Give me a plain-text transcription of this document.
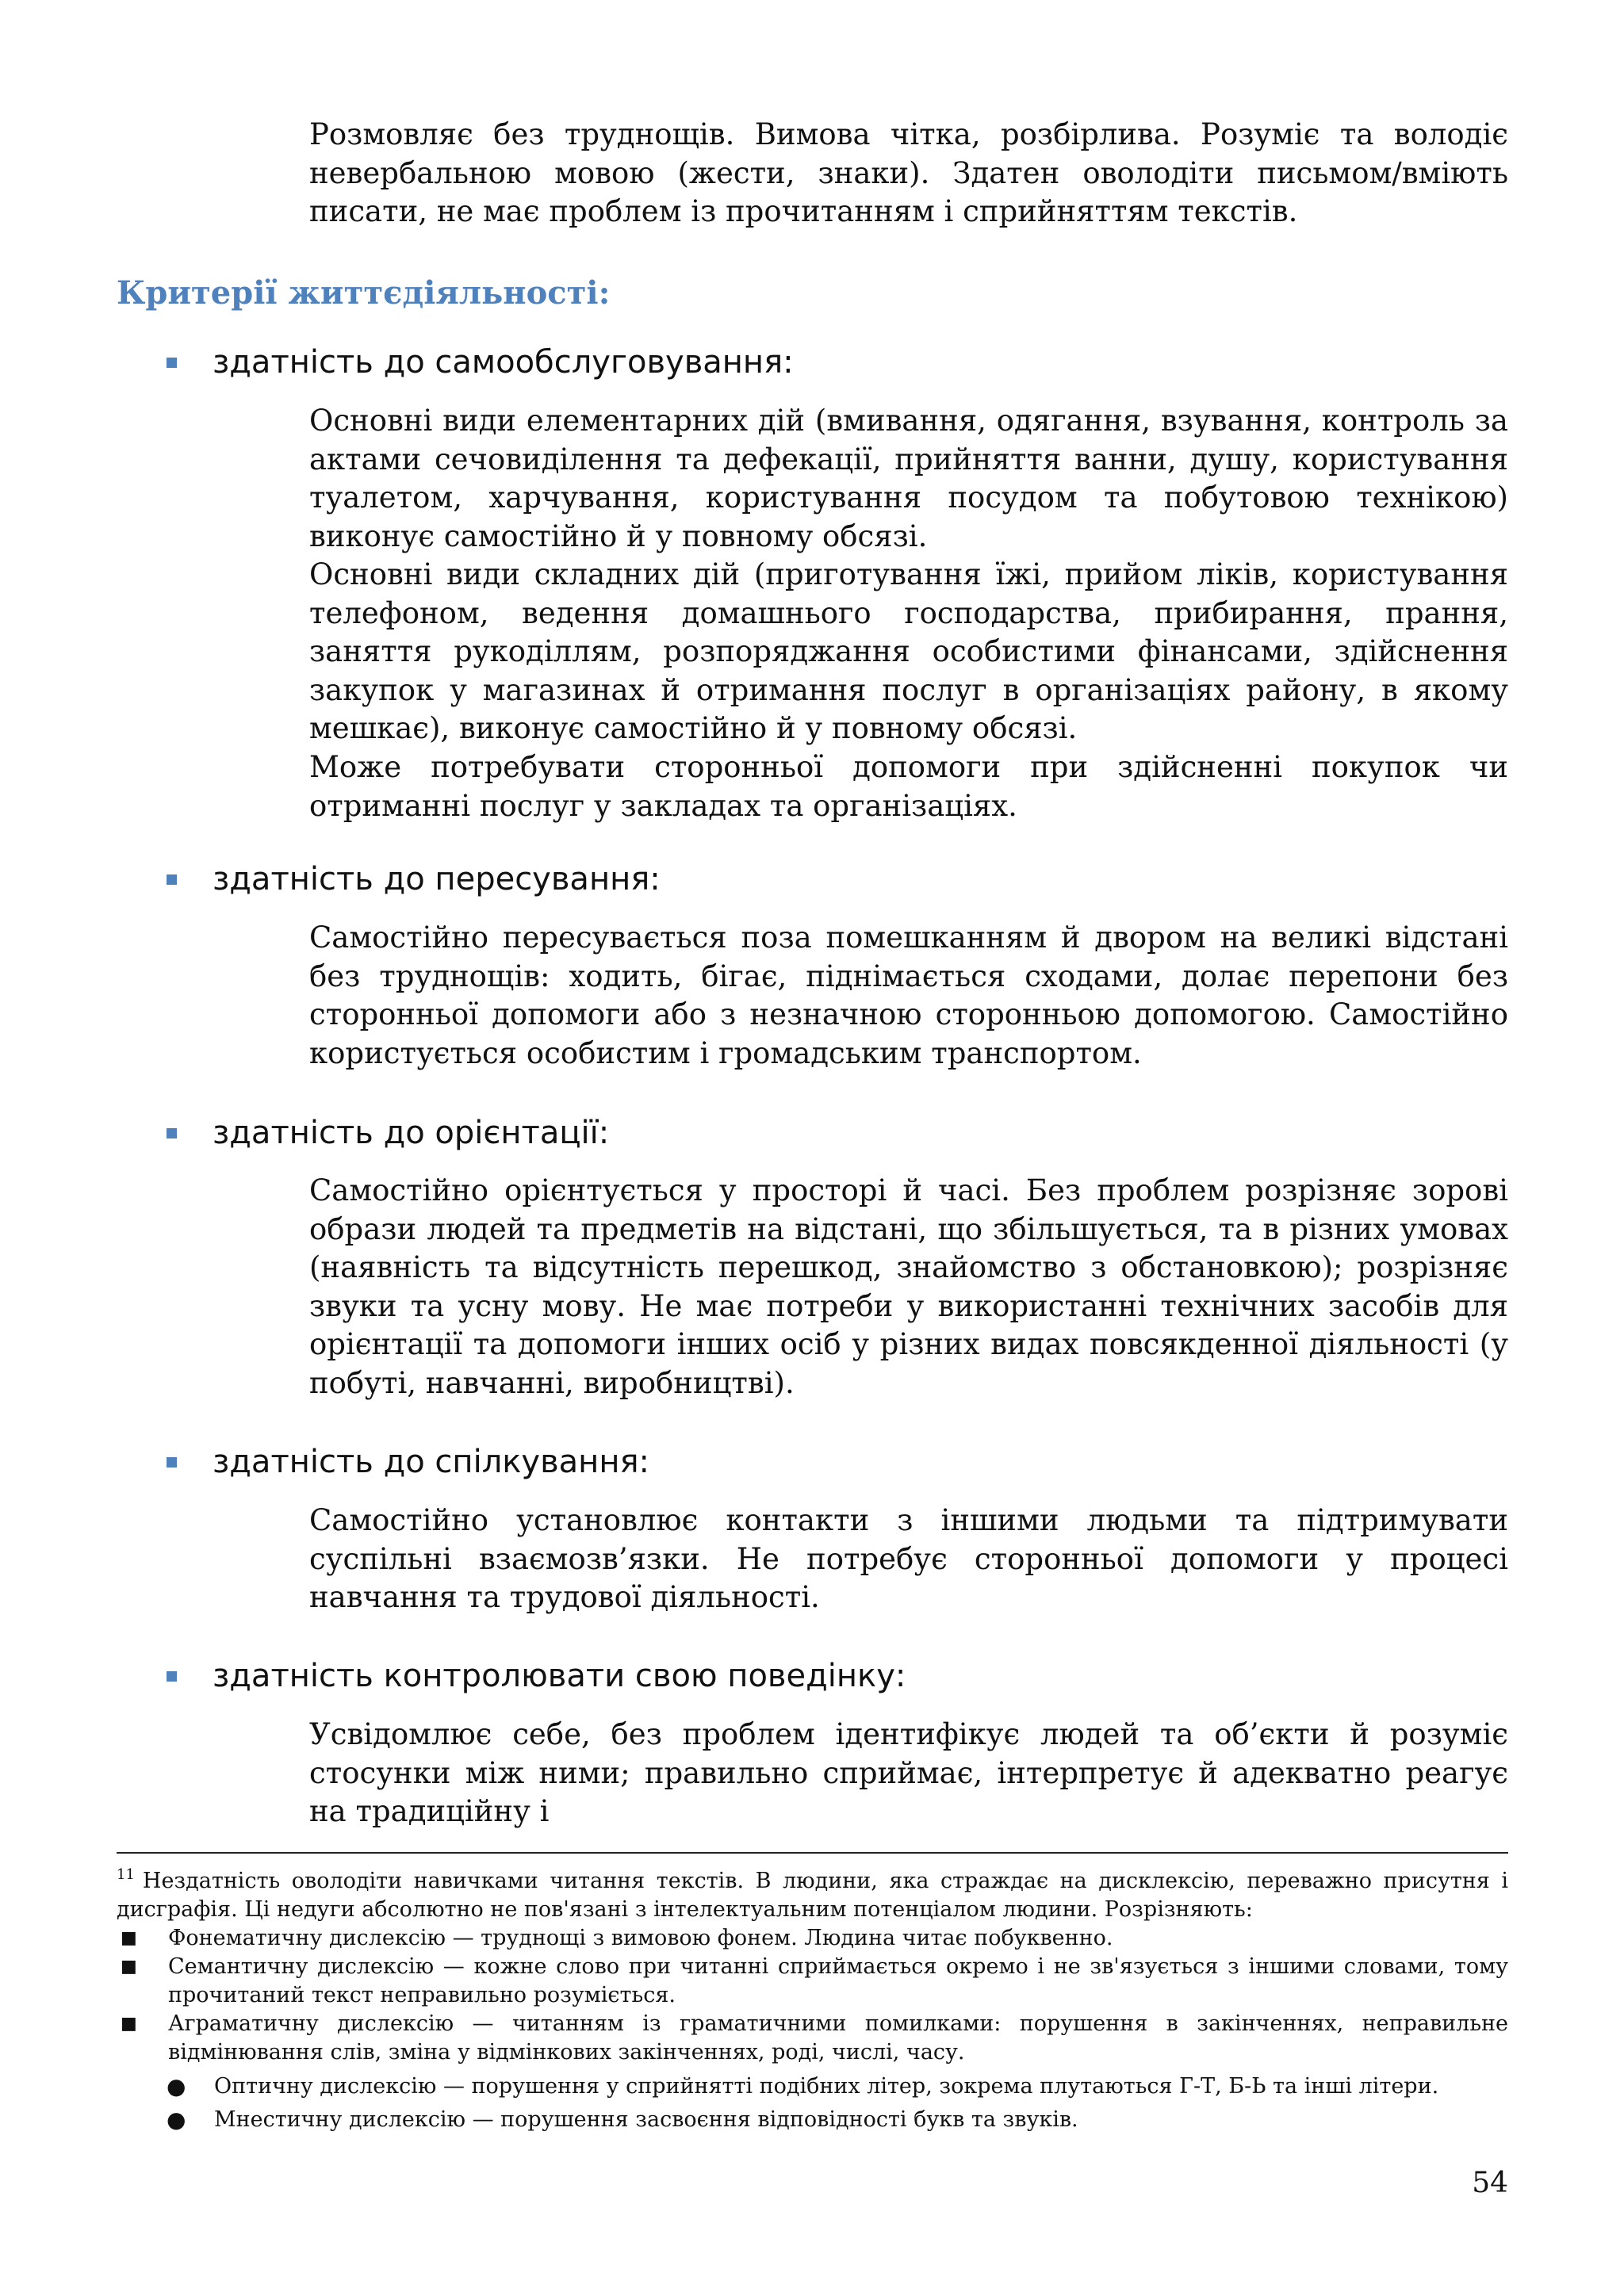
Розмовляє без труднощів. Вимова чітка, розбірлива. Розуміє та володіє невербальною мовою (жести, знаки). Здатен оволодіти письмом/вміють писати, не має проблем із прочитанням і сприйняттям текстів.

Критерії життєдіяльності:
здатність до самообслуговування:

Основні види елементарних дій (вмивання, одягання, взування, контроль за актами сечовиділення та дефекації, прийняття ванни, душу, користування туалетом, харчування, користування посудом та побутовою технікою) виконує самостійно й у повному обсязі.

Основні види складних дій (приготування їжі, прийом ліків, користування телефоном, ведення домашнього господарства, прибирання, прання, заняття рукоділлям, розпоряджання особистими фінансами, здійснення закупок у магазинах й отримання послуг в організаціях району, в якому мешкає), виконує самостійно й у повному обсязі.

Може потребувати сторонньої допомоги при здійсненні покупок чи отриманні послуг у закладах та організаціях.

здатність до пересування:

Самостійно пересувається поза помешканням й двором на великі відстані без труднощів: ходить, бігає, піднімається сходами, долає перепони без сторонньої допомоги або з незначною сторонньою допомогою. Самостійно користується особистим і громадським транспортом.

здатність до орієнтації:

Самостійно орієнтується у просторі й часі. Без проблем розрізняє зорові образи людей та предметів на відстані, що збільшується, та в різних умовах (наявність та відсутність перешкод, знайомство з обстановкою); розрізняє звуки та усну мову. Не має потреби у використанні технічних засобів для орієнтації та допомоги інших осіб у різних видах повсякденної діяльності (у побуті, навчанні, виробництві).

здатність до спілкування:

Самостійно установлює контакти з іншими людьми та підтримувати суспільні взаємозв’язки. Не потребує сторонньої допомоги у процесі навчання та трудової діяльності.

здатність контролювати свою поведінку:

Усвідомлює себе, без проблем ідентифікує людей та об’єкти й розуміє стосунки між ними; правильно сприймає, інтерпретує й адекватно реагує на традиційну і

$^{11}$ Нездатність оволодіти навичками читання текстів. В людини, яка страждає на дисклексію, переважно присутня і дисграфія. Ці недуги абсолютно не пов'язані з інтелектуальним потенціалом людини. Розрізняють:

■	Фонематичну дислексію — труднощі з вимовою фонем. Людина читає побуквенно.
■	Семантичну дислексію — кожне слово при читанні сприймається окремо і не зв'язується з іншими словами, тому прочитаний текст неправильно розуміється.
■	Аграматичну дислексію — читанням із граматичними помилками: порушення в закінченнях, неправильне відмінювання слів, зміна у відмінкових закінченнях, роді, числі, часу.
●	Оптичну дислексію — порушення у сприйнятті подібних літер, зокрема плутаються Г-Т, Б-Ь та інші літери.
●	Мнестичну дислексію — порушення засвоєння відповідності букв та звуків.
54
